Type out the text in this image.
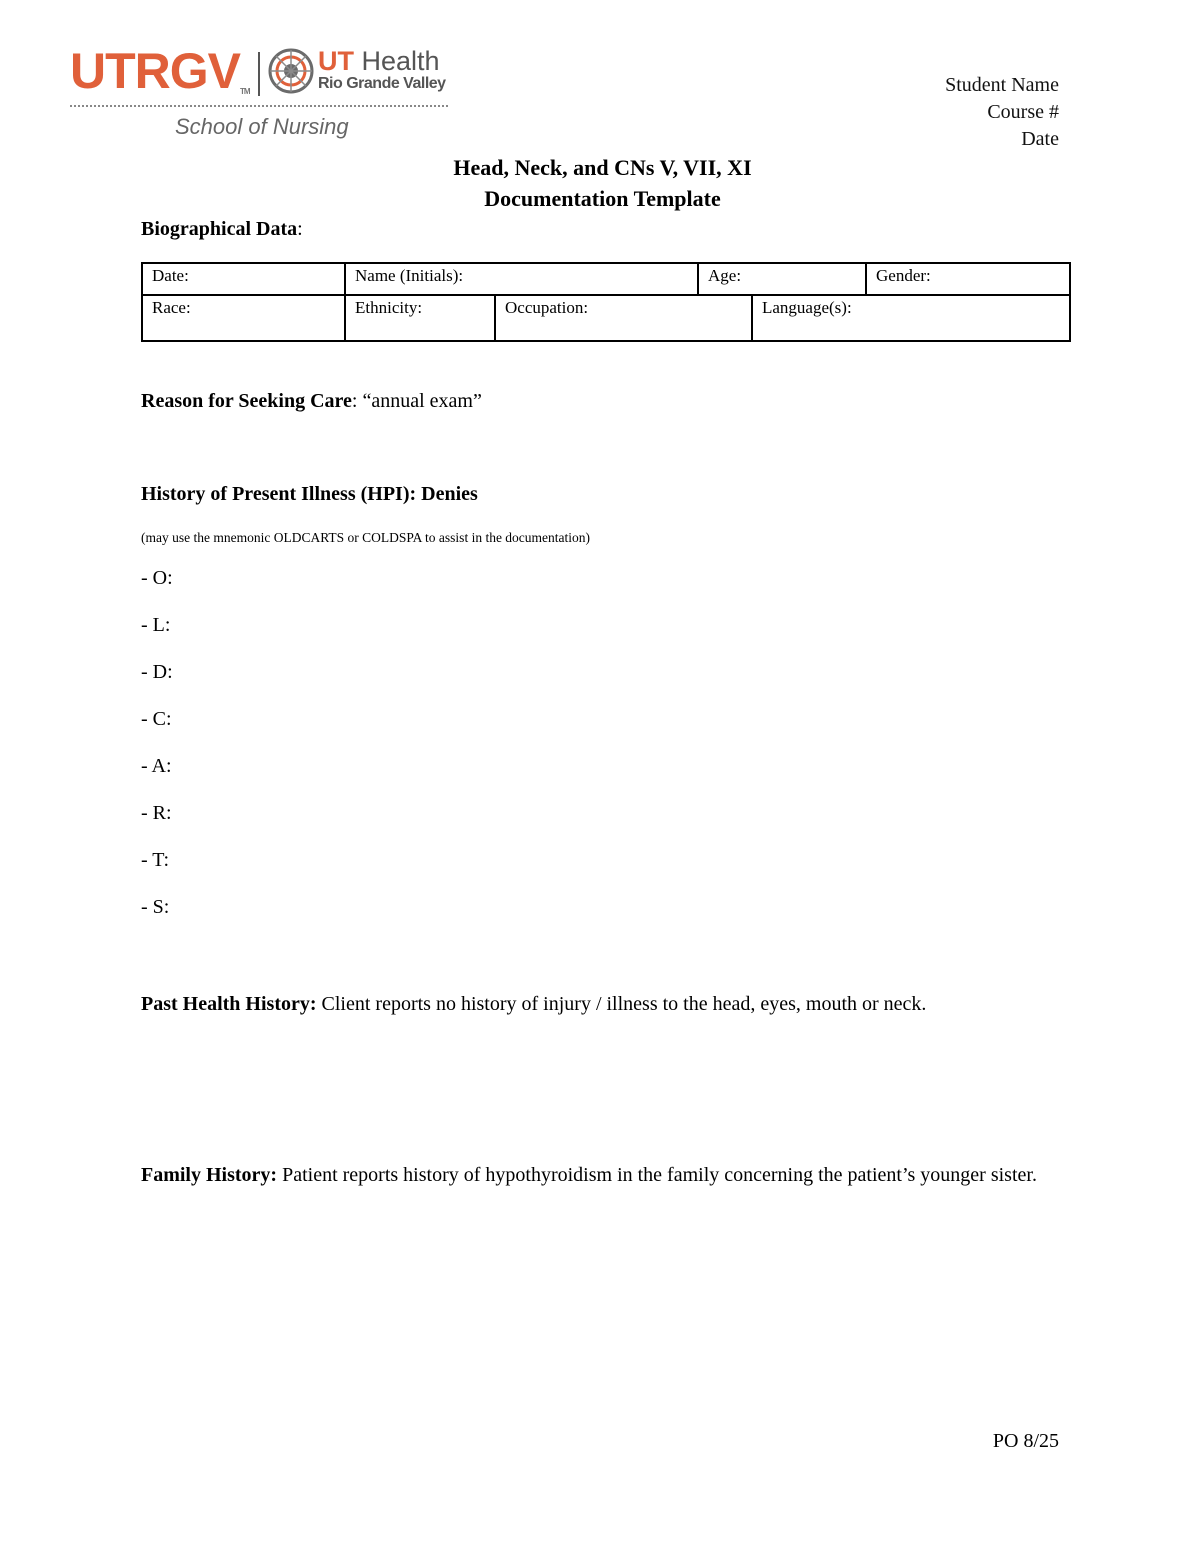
UTRGVTM
UT Health
Rio Grande Valley
School of Nursing
Student Name
Course #
Date
Head, Neck, and CNs V, VII, XI
Documentation Template
Biographical Data:
Date:	Name (Initials):		Age:		Gender:
Race:	Ethnicity:	Occupation:		Language(s):	
Reason for Seeking Care: “annual exam”
History of Present Illness (HPI): Denies
(may use the mnemonic OLDCARTS or COLDSPA to assist in the documentation)
- O:
- L:
- D:
- C:
- A:
- R:
- T:
- S:
Past Health History: Client reports no history of injury / illness to the head, eyes, mouth or neck.
Family History: Patient reports history of hypothyroidism in the family concerning the patient’s younger sister.
PO 8/25
